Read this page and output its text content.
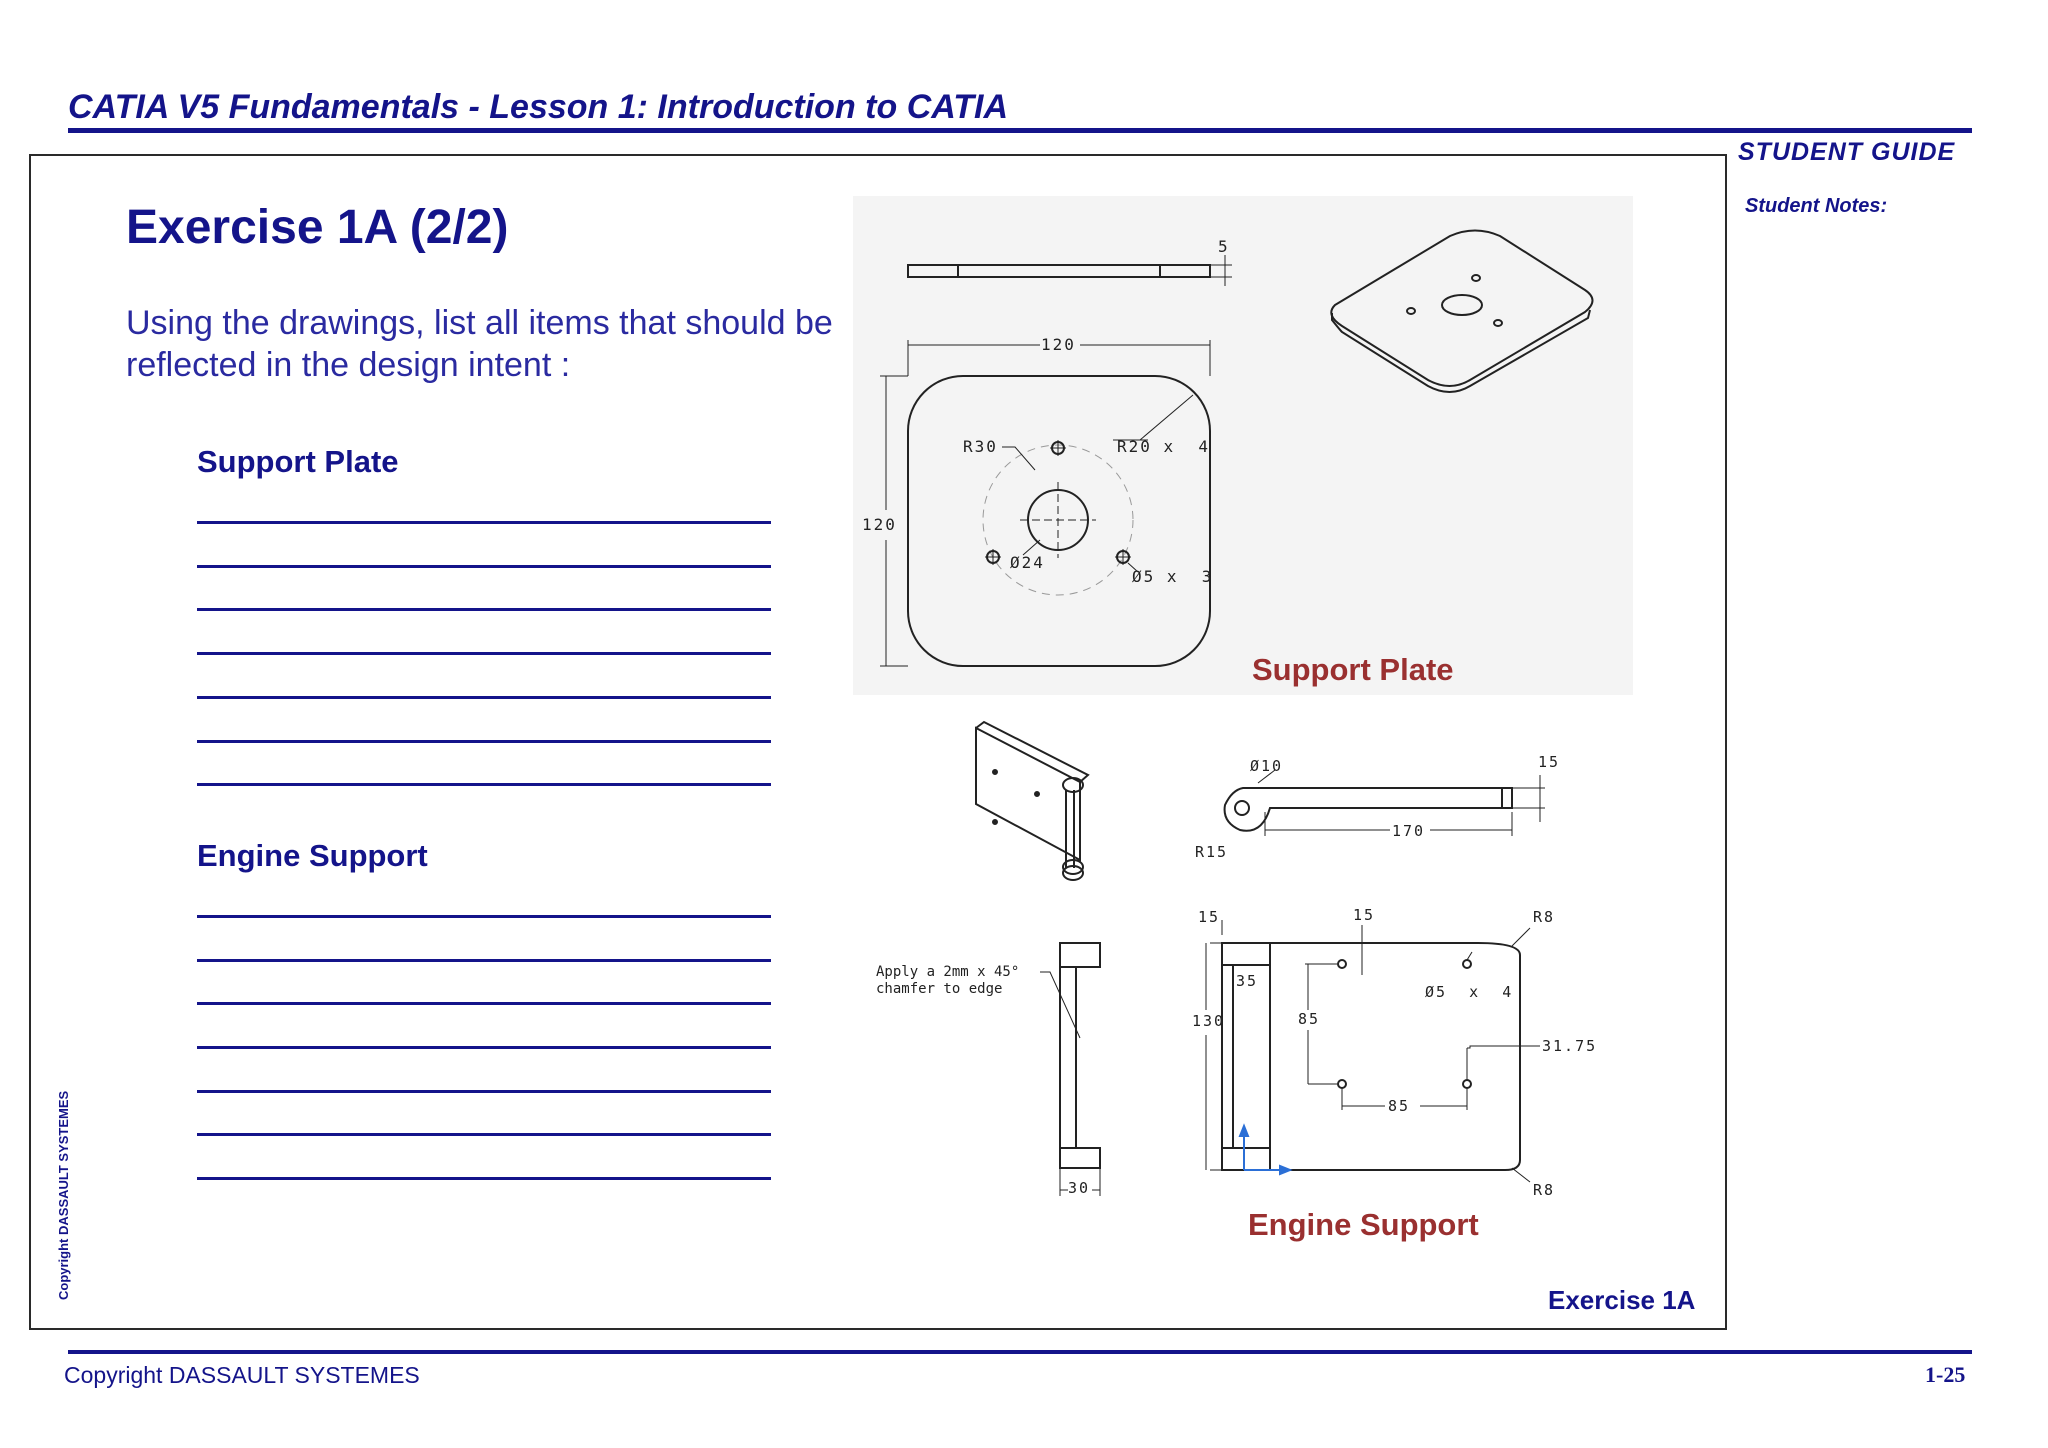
CATIA V5 Fundamentals - Lesson 1: Introduction to CATIA
STUDENT GUIDE
Student Notes:
Exercise 1A (2/2)
Using the drawings, list all items that should be reflected in the design intent :
Support Plate
Engine Support
5
120
120
R30	R20 x  4
Ø24
Ø5 x  3
Ø10	15
170
R15
15	15	R8
35
130	85
Ø5  x  4
31.75
85
R8
30
Apply a 2mm x 45°
chamfer to edge
Support Plate
Engine Support
Exercise 1A
Copyright DASSAULT SYSTEMES
Copyright DASSAULT SYSTEMES	1-25
